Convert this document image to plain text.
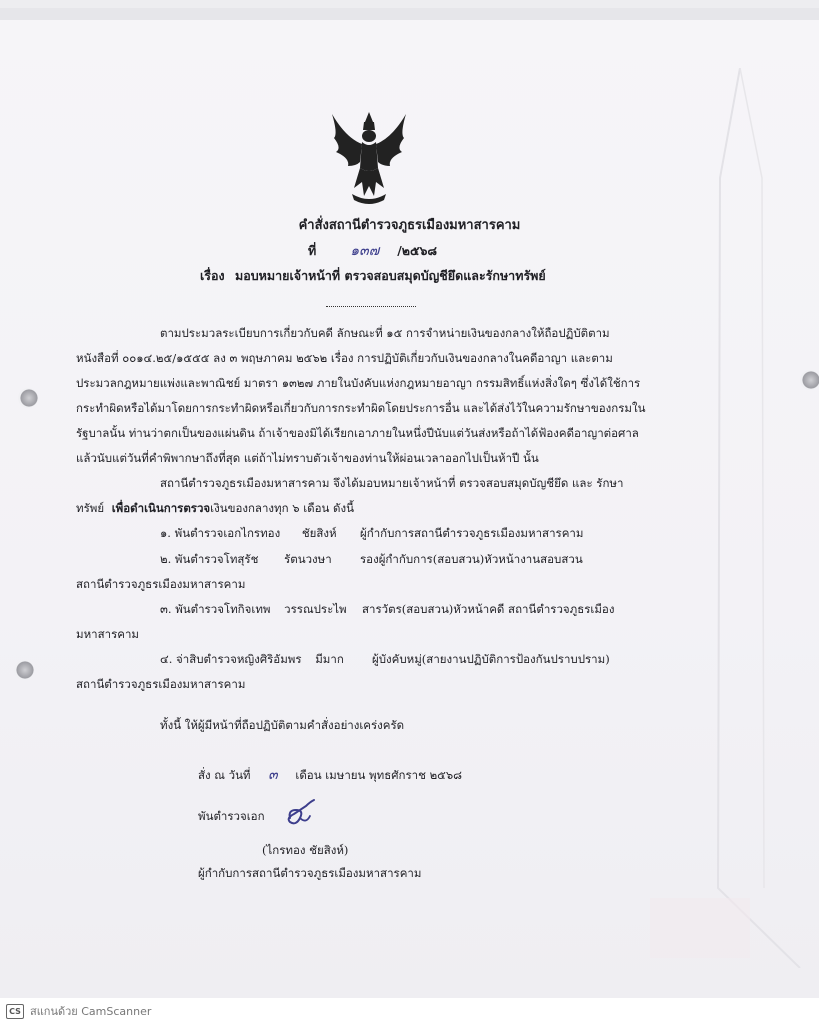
คำสั่งสถานีตำรวจภูธรเมืองมหาสารคาม
ที่ ๑๓๗ /๒๕๖๘
เรื่อง มอบหมายเจ้าหน้าที่ ตรวจสอบสมุดบัญชียึดและรักษาทรัพย์
ตามประมวลระเบียบการเกี่ยวกับคดี ลักษณะที่ ๑๕ การจำหน่ายเงินของกลางให้ถือปฏิบัติตาม
หนังสือที่ ๐๐๑๔.๒๕/๑๕๕๕ ลง ๓ พฤษภาคม ๒๕๖๒ เรื่อง การปฏิบัติเกี่ยวกับเงินของกลางในคดีอาญา และตาม
ประมวลกฎหมายแพ่งและพาณิชย์ มาตรา ๑๓๒๗ ภายในบังคับแห่งกฎหมายอาญา กรรมสิทธิ์แห่งสิ่งใดๆ ซึ่งได้ใช้การ
กระทำผิดหรือได้มาโดยการกระทำผิดหรือเกี่ยวกับการกระทำผิดโดยประการอื่น และได้ส่งไว้ในความรักษาของกรมใน
รัฐบาลนั้น ท่านว่าตกเป็นของแผ่นดิน ถ้าเจ้าของมิได้เรียกเอาภายในหนึ่งปีนับแต่วันส่งหรือถ้าได้ฟ้องคดีอาญาต่อศาล
แล้วนับแต่วันที่คำพิพากษาถึงที่สุด แต่ถ้าไม่ทราบตัวเจ้าของท่านให้ผ่อนเวลาออกไปเป็นห้าปี นั้น
สถานีตำรวจภูธรเมืองมหาสารคาม จึงได้มอบหมายเจ้าหน้าที่ ตรวจสอบสมุดบัญชียึด และ รักษา
ทรัพย์ เพื่อดำเนินการตรวจเงินของกลางทุก ๖ เดือน ดังนี้
๑. พันตำรวจเอกไกรทอง ชัยสิงห์ ผู้กำกับการสถานีตำรวจภูธรเมืองมหาสารคาม
๒. พันตำรวจโทสุรัช รัตนวงษา รองผู้กำกับการ(สอบสวน)หัวหน้างานสอบสวน
สถานีตำรวจภูธรเมืองมหาสารคาม
๓. พันตำรวจโทกิจเทพ วรรณประไพ สารวัตร(สอบสวน)หัวหน้าคดี สถานีตำรวจภูธรเมือง
มหาสารคาม
๔. จ่าสิบตำรวจหญิงศิริอัมพร มีมาก ผู้บังคับหมู่(สายงานปฏิบัติการป้องกันปราบปราม)
สถานีตำรวจภูธรเมืองมหาสารคาม
ทั้งนี้ ให้ผู้มีหน้าที่ถือปฏิบัติตามคำสั่งอย่างเคร่งครัด
สั่ง ณ วันที่ ๓ เดือน เมษายน พุทธศักราช ๒๕๖๘
พันตำรวจเอก
(ไกรทอง ชัยสิงห์)
ผู้กำกับการสถานีตำรวจภูธรเมืองมหาสารคาม
CS สแกนด้วย CamScanner
